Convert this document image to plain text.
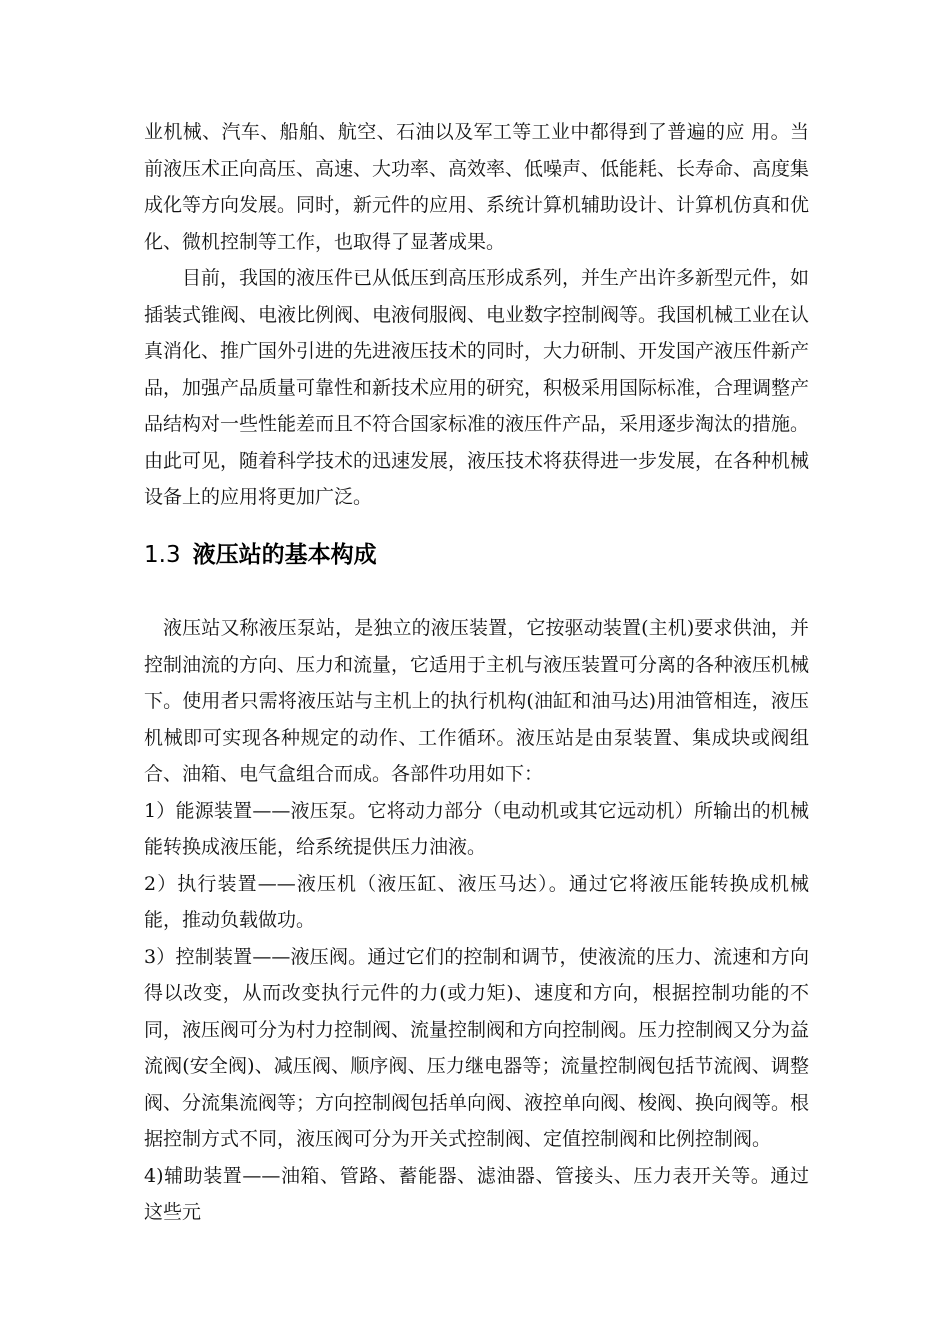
业机械、汽车、船舶、航空、石油以及军工等工业中都得到了普遍的应 用。当前液压术正向高压、高速、大功率、高效率、低噪声、低能耗、长寿命、高度集成化等方向发展。同时，新元件的应用、系统计算机辅助设计、计算机仿真和优化、微机控制等工作，也取得了显著成果。

目前，我国的液压件已从低压到高压形成系列，并生产出许多新型元件，如插装式锥阀、电液比例阀、电液伺服阀、电业数字控制阀等。我国机械工业在认真消化、推广国外引进的先进液压技术的同时，大力研制、开发国产液压件新产品，加强产品质量可靠性和新技术应用的研究，积极采用国际标准，合理调整产品结构对一些性能差而且不符合国家标准的液压件产品，采用逐步淘汰的措施。由此可见，随着科学技术的迅速发展，液压技术将获得进一步发展，在各种机械设备上的应用将更加广泛。

1.3 液压站的基本构成

液压站又称液压泵站，是独立的液压装置，它按驱动装置(主机)要求供油，并控制油流的方向、压力和流量，它适用于主机与液压装置可分离的各种液压机械下。使用者只需将液压站与主机上的执行机构(油缸和油马达)用油管相连，液压机械即可实现各种规定的动作、工作循环。液压站是由泵装置、集成块或阀组合、油箱、电气盒组合而成。各部件功用如下：

1）能源装置——液压泵。它将动力部分（电动机或其它远动机）所输出的机械能转换成液压能，给系统提供压力油液。

2）执行装置——液压机（液压缸、液压马达）。通过它将液压能转换成机械能，推动负载做功。

3）控制装置——液压阀。通过它们的控制和调节，使液流的压力、流速和方向得以改变，从而改变执行元件的力(或力矩)、速度和方向，根据控制功能的不同，液压阀可分为村力控制阀、流量控制阀和方向控制阀。压力控制阀又分为益流阀(安全阀)、减压阀、顺序阀、压力继电器等；流量控制阀包括节流阀、调整阀、分流集流阀等；方向控制阀包括单向阀、液控单向阀、梭阀、换向阀等。根据控制方式不同，液压阀可分为开关式控制阀、定值控制阀和比例控制阀。

4)辅助装置——油箱、管路、蓄能器、滤油器、管接头、压力表开关等。通过这些元
